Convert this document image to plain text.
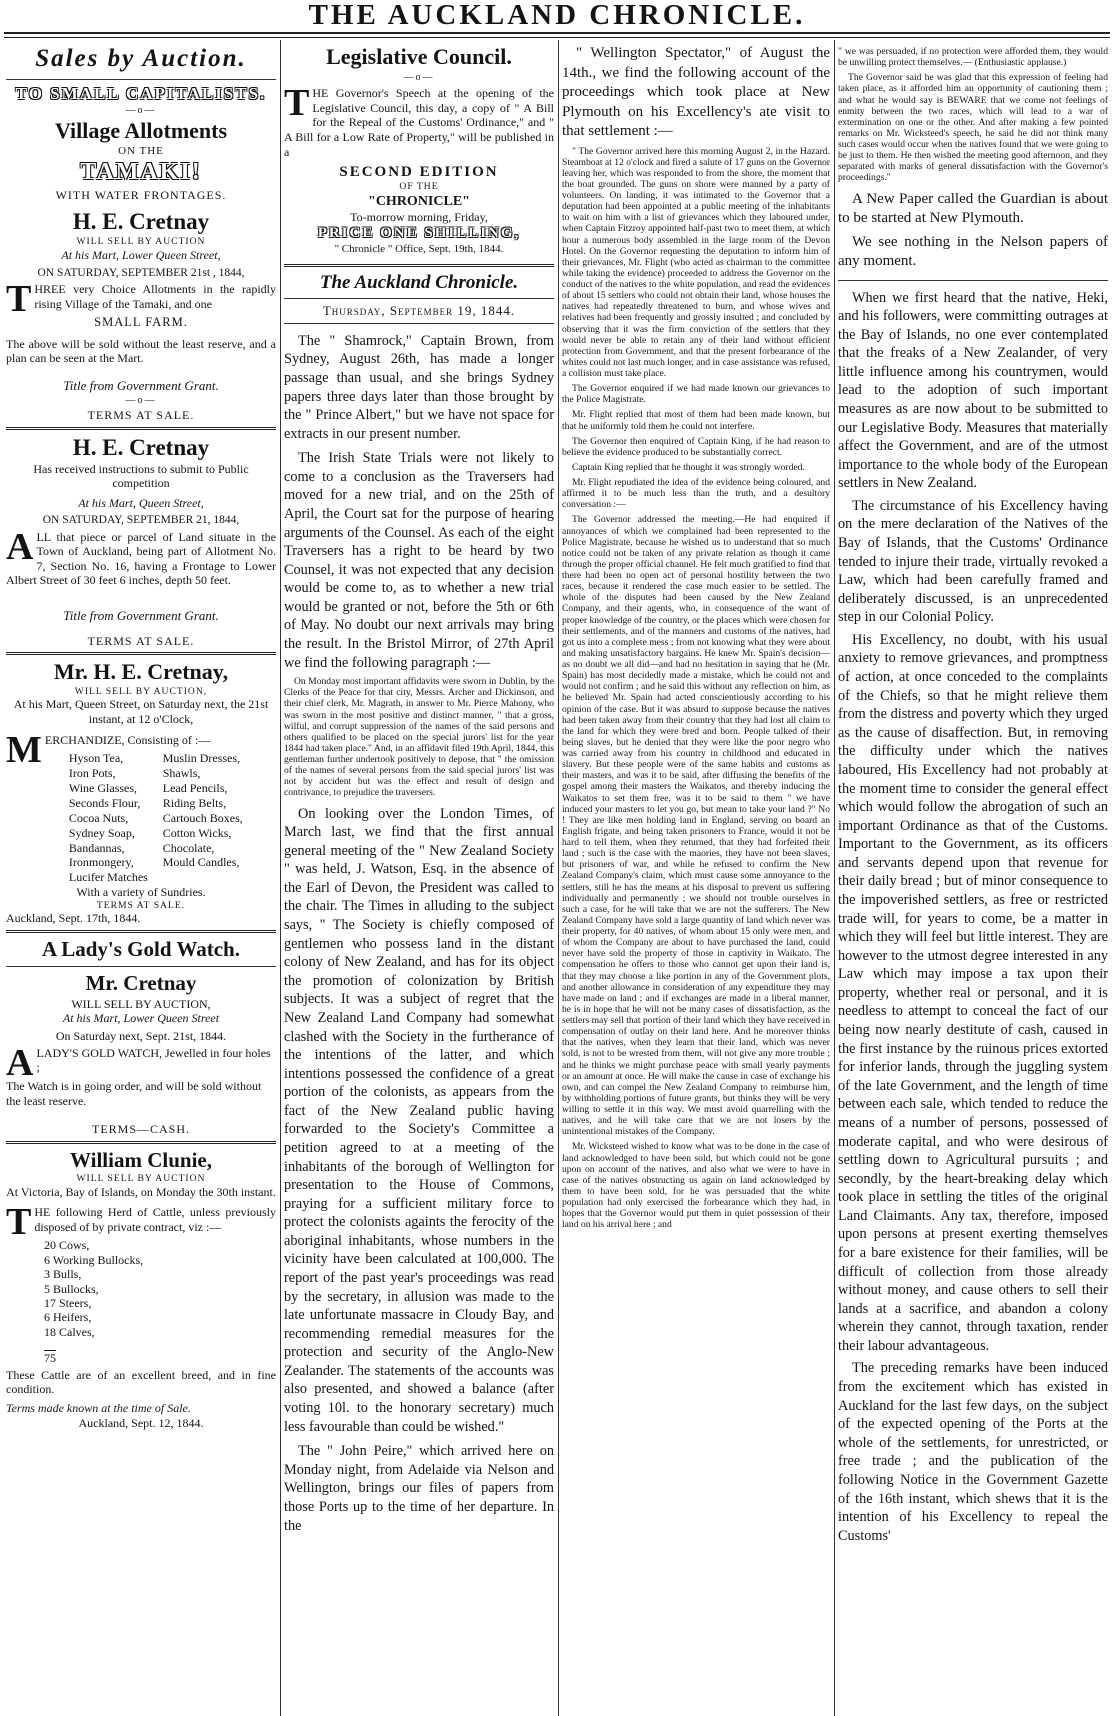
THE AUCKLAND CHRONICLE.
Sales by Auction.
TO SMALL CAPITALISTS.
—o—
Village Allotments
ON THE
TAMAKI!
WITH WATER FRONTAGES.
H. E. Cretnay
WILL SELL BY AUCTION
At his Mart, Lower Queen Street,
ON SATURDAY, SEPTEMBER 21st , 1844,
THREE very Choice Allotments in the rapidly rising Village of the Tamaki, and one
SMALL FARM.
The above will be sold without the least reserve, and a plan can be seen at the Mart.
Title from Government Grant.
—o—
TERMS AT SALE.
H. E. Cretnay
Has received instructions to submit to Public competition
At his Mart, Queen Street,
ON SATURDAY, SEPTEMBER 21, 1844,
ALL that piece or parcel of Land situate in the Town of Auckland, being part of Allotment No. 7, Section No. 16, having a Frontage to Lower Albert Street of 30 feet 6 inches, depth 50 feet.
Title from Government Grant.
TERMS AT SALE.
Mr. H. E. Cretnay,
WILL SELL BY AUCTION,
At his Mart, Queen Street, on Saturday next, the 21st instant, at 12 o'Clock,
MERCHANDIZE, Consisting of :—
Hyson Tea,
Iron Pots,
Wine Glasses,
Seconds Flour,
Cocoa Nuts,
Sydney Soap,
Bandannas,
Ironmongery,
Lucifer Matches
Muslin Dresses,
Shawls,
Lead Pencils,
Riding Belts,
Cartouch Boxes,
Cotton Wicks,
Chocolate,
Mould Candles,
With a variety of Sundries.
TERMS AT SALE.
Auckland, Sept. 17th, 1844.
A Lady's Gold Watch.
Mr. Cretnay
WILL SELL BY AUCTION,
At his Mart, Lower Queen Street
On Saturday next, Sept. 21st, 1844.
ALADY'S GOLD WATCH, Jewelled in four holes ;
The Watch is in going order, and will be sold without the least reserve.
TERMS—CASH.
William Clunie,
WILL SELL BY AUCTION
At Victoria, Bay of Islands, on Monday the 30th instant.
THE following Herd of Cattle, unless previously disposed of by private contract, viz :—
20 Cows,
6 Working Bullocks,
3 Bulls,
5 Bullocks,
17 Steers,
6 Heifers,
18 Calves,
75
These Cattle are of an excellent breed, and in fine condition.
Terms made known at the time of Sale.
Auckland, Sept. 12, 1844.
Legislative Council.
—o—
THE Governor's Speech at the opening of the Legislative Council, this day, a copy of " A Bill for the Repeal of the Customs' Ordinance," and " A Bill for a Low Rate of Property," will be published in a
SECOND EDITION
OF THE
"CHRONICLE"
To-morrow morning, Friday,
PRICE ONE SHILLING,
" Chronicle " Office, Sept. 19th, 1844.
The Auckland Chronicle.
Thursday, September 19, 1844.
The " Shamrock," Captain Brown, from Sydney, August 26th, has made a longer passage than usual, and she brings Sydney papers three days later than those brought by the " Prince Albert," but we have not space for extracts in our present number.
The Irish State Trials were not likely to come to a conclusion as the Traversers had moved for a new trial, and on the 25th of April, the Court sat for the purpose of hearing arguments of the Counsel. As each of the eight Traversers has a right to be heard by two Counsel, it was not expected that any decision would be come to, as to whether a new trial would be granted or not, before the 5th or 6th of May. No doubt our next arrivals may bring the result. In the Bristol Mirror, of 27th April we find the following paragraph :—
On Monday most important affidavits were sworn in Dublin, by the Clerks of the Peace for that city, Messrs. Archer and Dickinson, and their chief clerk, Mr. Magrath, in answer to Mr. Pierce Mahony, who was sworn in the most positive and distinct manner, " that a gross, wilful, and corrupt suppression of the names of the said persons and others qualified to be placed on the special jurors' list for the year 1844 had taken place." And, in an affidavit filed 19th April, 1844, this gentleman further undertook positively to depose, that " the omission of the names of several persons from the said special jurors' list was not by accident but was the effect and result of design and contrivance, to prejudice the traversers.
On looking over the London Times, of March last, we find that the first annual general meeting of the " New Zealand Society " was held, J. Watson, Esq. in the absence of the Earl of Devon, the President was called to the chair. The Times in alluding to the subject says, " The Society is chiefly composed of gentlemen who possess land in the distant colony of New Zealand, and has for its object the promotion of colonization by British subjects. It was a subject of regret that the New Zealand Land Company had somewhat clashed with the Society in the furtherance of the intentions of the latter, and which intentions possessed the confidence of a great portion of the colonists, as appears from the fact of the New Zealand public having forwarded to the Society's Committee a petition agreed to at a meeting of the inhabitants of the borough of Wellington for presentation to the House of Commons, praying for a sufficient military force to protect the colonists againts the ferocity of the aboriginal inhabitants, whose numbers in the vicinity have been calculated at 100,000. The report of the past year's proceedings was read by the secretary, in allusion was made to the late unfortunate massacre in Cloudy Bay, and recommending remedial measures for the protection and security of the Anglo-New Zealander. The statements of the accounts was also presented, and showed a balance (after voting 10l. to the honorary secretary) much less favourable than could be wished."
The " John Peire," which arrived here on Monday night, from Adelaide via Nelson and Wellington, brings our files of papers from those Ports up to the time of her departure. In the
" Wellington Spectator," of August the 14th., we find the following account of the proceedings which took place at New Plymouth on his Excellency's ate visit to that settlement :—
" The Governor arrived here this morning August 2, in the Hazard. Steamboat at 12 o'clock and fired a salute of 17 guns on the Governor leaving her, which was responded to from the shore, the moment that the boat grounded. The guns on shore were manned by a party of volunteers. On landing, it was intimated to the Governor that a deputation had been appointed at a public meeting of the inhabitants to wait on him with a list of grievances which they laboured under, when Captain Fitzroy appointed half-past two to meet them, at which hour a numerous body assembled in the large room of the Devon Hotel. On the Governor requesting the deputation to inform him of their grievances, Mr. Flight (who acted as chairman to the committee while taking the evidence) proceeded to address the Governor on the conduct of the natives to the white population, and read the evidences of about 15 settlers who could not obtain their land, whose houses the natives had repeatedly threatened to burn, and whose wives and relatives had been frequently and grossly insulted ; and concluded by observing that it was the firm conviction of the settlers that they would never be able to retain any of their land without efficient protection from Government, and that the present forbearance of the whites could not last much longer, and in case assistance was refused, a collision must take place.
The Governor enquired if we had made known our grievances to the Police Magistrate.
Mr. Flight replied that most of them had been made known, but that he uniformly told them he could not interfere.
The Governor then enquired of Captain King, if he had reason to believe the evidence produced to be substantially correct.
Captain King replied that he thought it was strongly worded.
Mr. Flight repudiated the idea of the evidence being coloured, and affirmed it to be much less than the truth, and a desultory conversation :—
The Governor addressed the meeting.—He had enquired if annoyances of which we complained had been represented to the Police Magistrate, because he wished us to understand that so much notice could not be taken of any private relation as though it came through the proper official channel. He felt much gratified to find that there had been no open act of personal hostility between the two races, because it rendered the case much easier to be settled. The whole of the disputes had been caused by the New Zealand Company, and their agents, who, in consequence of the want of proper knowledge of the country, or the places which were chosen for their settlements, and of the manners and customs of the natives, had got us into a complete mess ; from not knowing what they were about and making unsatisfactory bargains. He knew Mr. Spain's decision—as no doubt we all did—and had no hesitation in saying that he (Mr. Spain) has most decidedly made a mistake, which he could not and would not confirm ; and he said this without any reflection on him, as he believed Mr. Spain had acted conscientiously according to his opinion of the case. But it was absurd to suppose because the natives had been taken away from their country that they had lost all claim to the land for which they were bred and born. People talked of their being slaves, but he denied that they were like the poor negro who was carried away from his country in childhood and educated in slavery. But these people were of the same habits and customs as their masters, and was it to be said, after diffusing the benefits of the gospel among their masters the Waikatos, and thereby inducing the Waikatos to set them free, was it to be said to them " we have induced your masters to let you go, but mean to take your land ?" No ! They are like men holding land in England, serving on board an English frigate, and being taken prisoners to France, would it not be hard to tell them, when they returned, that they had forfeited their land ; such is the case with the maories, they have not been slaves, but prisoners of war, and while he refused to confirm the New Zealand Company's claim, which must cause some annoyance to the settlers, still he has the means at his disposal to prevent us suffering individually and permanently ; we should not trouble ourselves in such a case, for he will take that we are not the sufferers. The New Zealand Company have sold a large quantity of land which never was their property, for 40 natives, of whom about 15 only were men, and of whom the Company are about to have purchased the land, could never have sold the property of those in captivity in Waikato. The compensation he offers to those who cannot get upon their land is, that they may choose a like portion in any of the Government plots, and another allowance in consideration of any expenditure they may have made on land ; and if exchanges are made in a liberal manner, he is in hope that he will not be many cases of dissatisfaction, as the settlers may sell that portion of their land which they have received in compensation of outlay on their land here. And he moreover thinks that the natives, when they learn that their land, which was never sold, is not to be wrested from them, will not give any more trouble ; and he thinks we might purchase peace with small yearly payments or an amount at once. He will make the cause in case of exchange his own, and can compel the New Zealand Company to reimburse him, by withholding portions of future grants, but thinks they will be very willing to settle it in this way. We must avoid quarrelling with the natives, and he will take care that we are not losers by the unintentional mistakes of the Company.
Mr. Wicksteed wished to know what was to be done in the case of land acknowledged to have been sold, but which could not be gone upon on account of the natives, and also what we were to have in case of the natives obstructing us again on land acknowledged by them to have been sold, for he was persuaded that the white population had only exercised the forbearance which they had, in hopes that the Governor would put them in quiet possession of their land on his arrival here ; and
" we was persuaded, if no protection were afforded them, they would be unwilling protect themselves.— (Enthusiastic applause.)
The Governor said he was glad that this expression of feeling had taken place, as it afforded him an opportunity of cautioning them ; and what he would say is BEWARE that we come not feelings of enmity between the two races, which will lead to a war of extermination on one or the other. And after making a few pointed remarks on Mr. Wicksteed's speech, he said he did not think many such cases would occur when the natives found that we were going to be just to them. He then wished the meeting good afternoon, and they separated with marks of general dissatisfaction with the Governor's proceedings."
A New Paper called the Guardian is about to be started at New Plymouth.
We see nothing in the Nelson papers of any moment.
When we first heard that the native, Heki, and his followers, were committing outrages at the Bay of Islands, no one ever contemplated that the freaks of a New Zealander, of very little influence among his countrymen, would lead to the adoption of such important measures as are now about to be submitted to our Legislative Body. Measures that materially affect the Government, and are of the utmost importance to the whole body of the European settlers in New Zealand.
The circumstance of his Excellency having on the mere declaration of the Natives of the Bay of Islands, that the Customs' Ordinance tended to injure their trade, virtually revoked a Law, which had been carefully framed and deliberately discussed, is an unprecedented step in our Colonial Policy.
His Excellency, no doubt, with his usual anxiety to remove grievances, and promptness of action, at once conceded to the complaints of the Chiefs, so that he might relieve them from the distress and poverty which they urged as the cause of disaffection. But, in removing the difficulty under which the natives laboured, His Excellency had not probably at the moment time to consider the general effect which would follow the abrogation of such an important Ordinance as that of the Customs. Important to the Government, as its officers and servants depend upon that revenue for their daily bread ; but of minor consequence to the impoverished settlers, as free or restricted trade will, for years to come, be a matter in which they will feel but little interest. They are however to the utmost degree interested in any Law which may impose a tax upon their property, whether real or personal, and it is needless to attempt to conceal the fact of our being now nearly destitute of cash, caused in the first instance by the ruinous prices extorted for inferior lands, through the juggling system of the late Government, and the length of time between each sale, which tended to reduce the means of a number of persons, possessed of moderate capital, and who were desirous of settling down to Agricultural pursuits ; and secondly, by the heart-breaking delay which took place in settling the titles of the original Land Claimants. Any tax, therefore, imposed upon persons at present exerting themselves for a bare existence for their families, will be difficult of collection from those already without money, and cause others to sell their lands at a sacrifice, and abandon a colony wherein they cannot, through taxation, render their labour advantageous.
The preceding remarks have been induced from the excitement which has existed in Auckland for the last few days, on the subject of the expected opening of the Ports at the whole of the settlements, for unrestricted, or free trade ; and the publication of the following Notice in the Government Gazette of the 16th instant, which shews that it is the intention of his Excellency to repeal the Customs'
